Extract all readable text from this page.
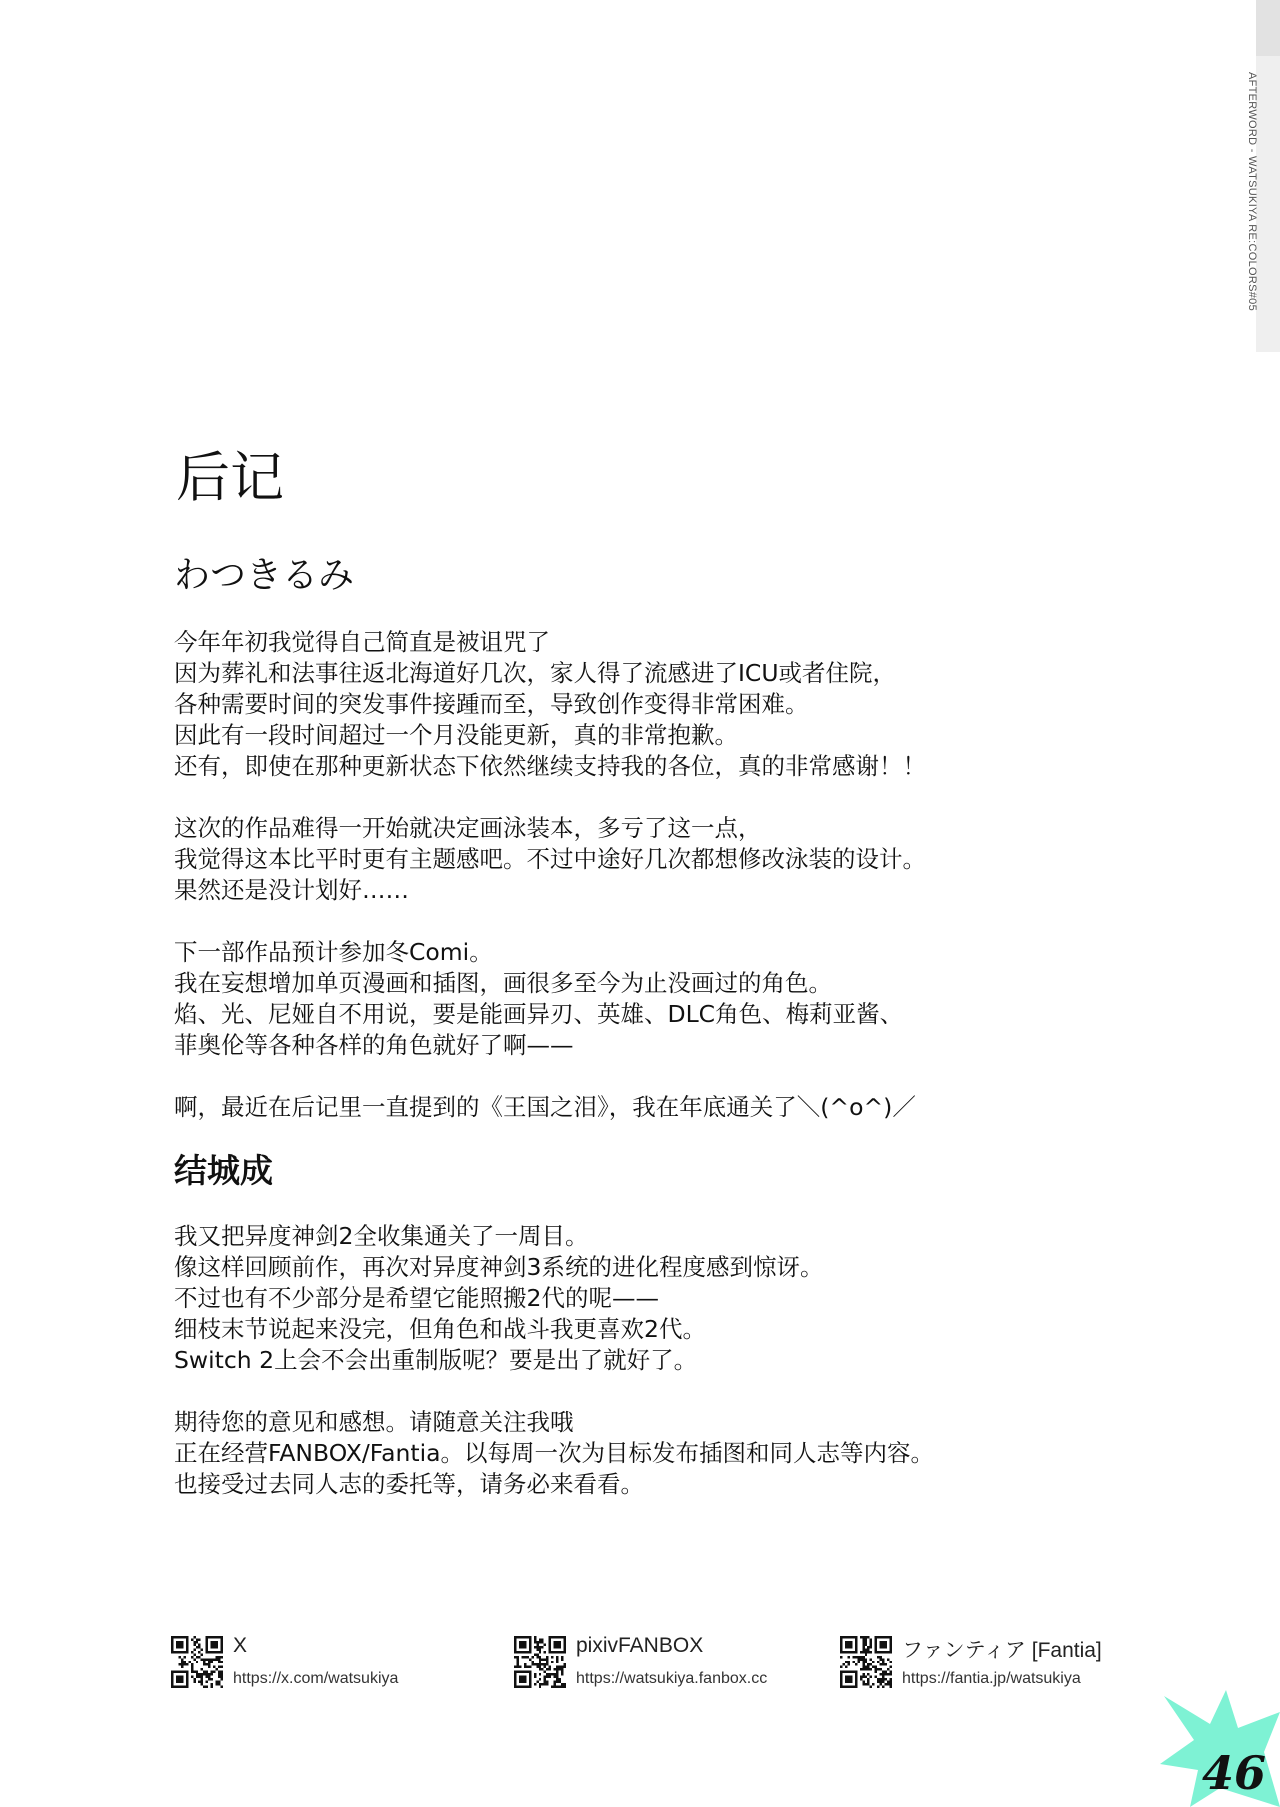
AFTERWORD - WATSUKIYA RE:COLORS#05
后记
わつきるみ

今年年初我觉得自己简直是被诅咒了
因为葬礼和法事往返北海道好几次，家人得了流感进了ICU或者住院，
各种需要时间的突发事件接踵而至，导致创作变得非常困难。
因此有一段时间超过一个月没能更新，真的非常抱歉。
还有，即使在那种更新状态下依然继续支持我的各位，真的非常感谢！！

这次的作品难得一开始就决定画泳装本，多亏了这一点，
我觉得这本比平时更有主题感吧。不过中途好几次都想修改泳装的设计。
果然还是没计划好……

下一部作品预计参加冬Comi。
我在妄想增加单页漫画和插图，画很多至今为止没画过的角色。
焰、光、尼娅自不用说，要是能画异刃、英雄、DLC角色、梅莉亚酱、
菲奥伦等各种各样的角色就好了啊——

啊，最近在后记里一直提到的《王国之泪》，我在年底通关了＼(^o^)／

结城成

我又把异度神剑2全收集通关了一周目。
像这样回顾前作，再次对异度神剑3系统的进化程度感到惊讶。
不过也有不少部分是希望它能照搬2代的呢——
细枝末节说起来没完，但角色和战斗我更喜欢2代。
Switch 2上会不会出重制版呢？要是出了就好了。

期待您的意见和感想。请随意关注我哦
正在经营FANBOX/Fantia。以每周一次为目标发布插图和同人志等内容。
也接受过去同人志的委托等，请务必来看看。

X
https://x.com/watsukiya
pixivFANBOX
https://watsukiya.fanbox.cc
ファンティア [Fantia]
https://fantia.jp/watsukiya
46
